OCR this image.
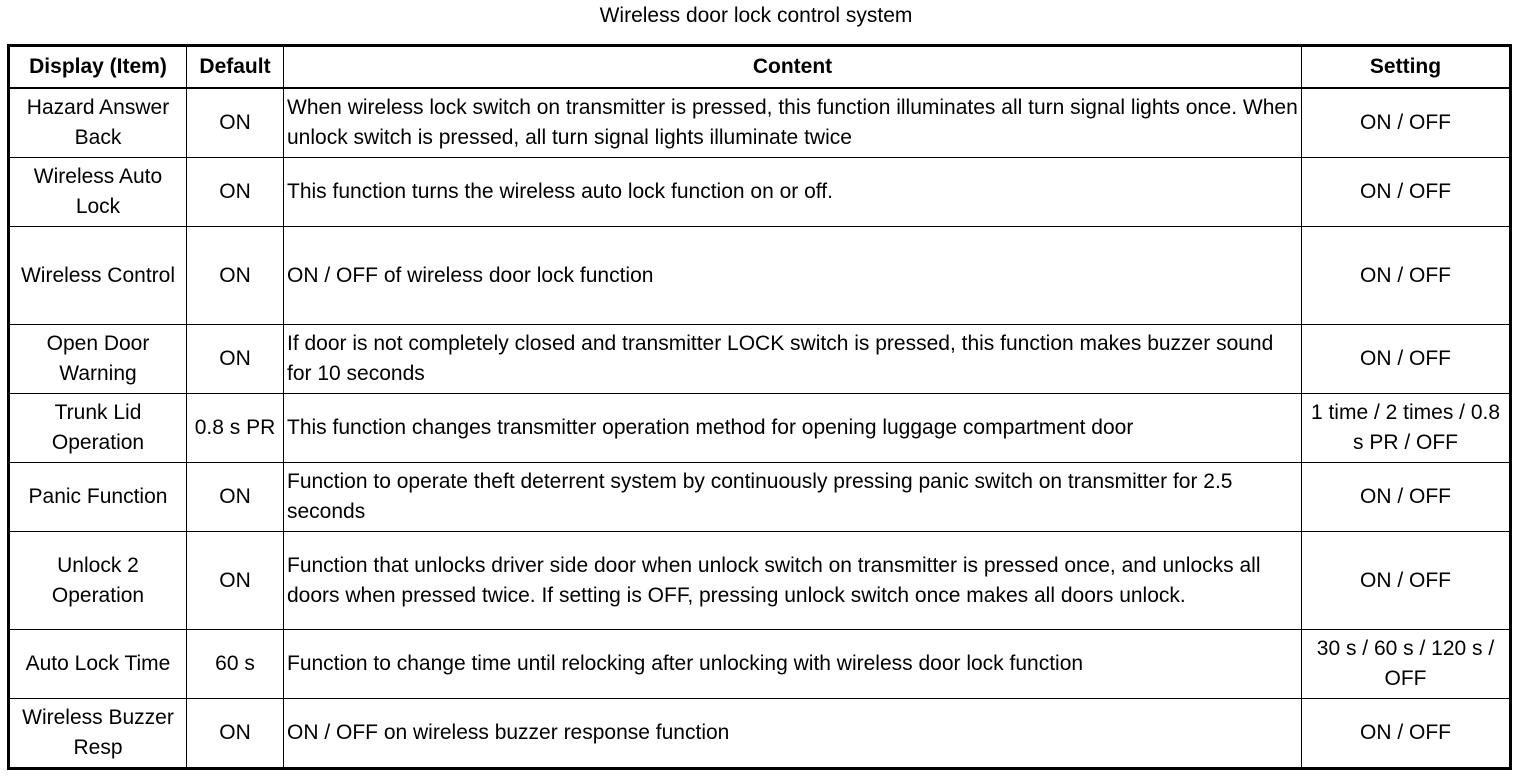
Wireless door lock control system
Display (Item)	Default	Content	Setting
Hazard Answer Back	ON	When wireless lock switch on transmitter is pressed, this function illuminates all turn signal lights once. When unlock switch is pressed, all turn signal lights illuminate twice	ON / OFF
Wireless Auto Lock	ON	This function turns the wireless auto lock function on or off.	ON / OFF
Wireless Control	ON	ON / OFF of wireless door lock function	ON / OFF
Open Door Warning	ON	If door is not completely closed and transmitter LOCK switch is pressed, this function makes buzzer sound for 10 seconds	ON / OFF
Trunk Lid Operation	0.8 s PR	This function changes transmitter operation method for opening luggage compartment door	1 time / 2 times / 0.8 s PR / OFF
Panic Function	ON	Function to operate theft deterrent system by continuously pressing panic switch on transmitter for 2.5 seconds	ON / OFF
Unlock 2 Operation	ON	Function that unlocks driver side door when unlock switch on transmitter is pressed once, and unlocks all doors when pressed twice. If setting is OFF, pressing unlock switch once makes all doors unlock.	ON / OFF
Auto Lock Time	60 s	Function to change time until relocking after unlocking with wireless door lock function	30 s / 60 s / 120 s / OFF
Wireless Buzzer Resp	ON	ON / OFF on wireless buzzer response function	ON / OFF
